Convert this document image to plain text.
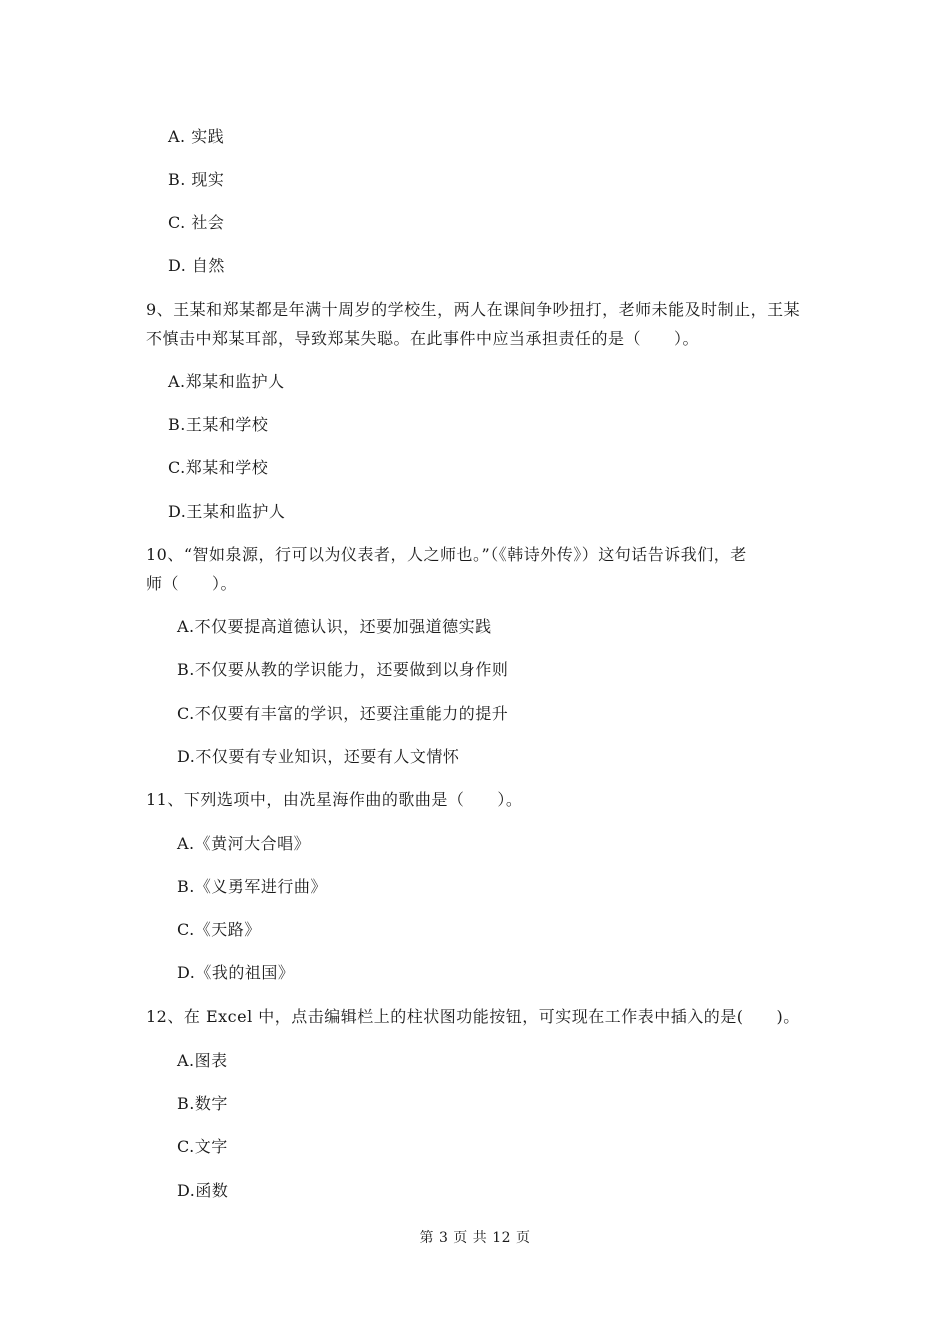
A. 实践
B. 现实
C. 社会
D. 自然
9、王某和郑某都是年满十周岁的学校生，两人在课间争吵扭打，老师未能及时制止，王某
不慎击中郑某耳部，导致郑某失聪。在此事件中应当承担责任的是（　　）。
A.郑某和监护人
B.王某和学校
C.郑某和学校
D.王某和监护人
10、“智如泉源，行可以为仪表者，人之师也。”（《韩诗外传》）这句话告诉我们，老
师（　　）。
A.不仅要提高道德认识，还要加强道德实践
B.不仅要从教的学识能力，还要做到以身作则
C.不仅要有丰富的学识，还要注重能力的提升
D.不仅要有专业知识，还要有人文情怀
11、下列选项中，由冼星海作曲的歌曲是（　　）。
A.《黄河大合唱》
B.《义勇军进行曲》
C.《天路》
D.《我的祖国》
12、在 Excel 中，点击编辑栏上的柱状图功能按钮，可实现在工作表中插入的是(　　)。
A.图表
B.数字
C.文字
D.函数
第 3 页 共 12 页
